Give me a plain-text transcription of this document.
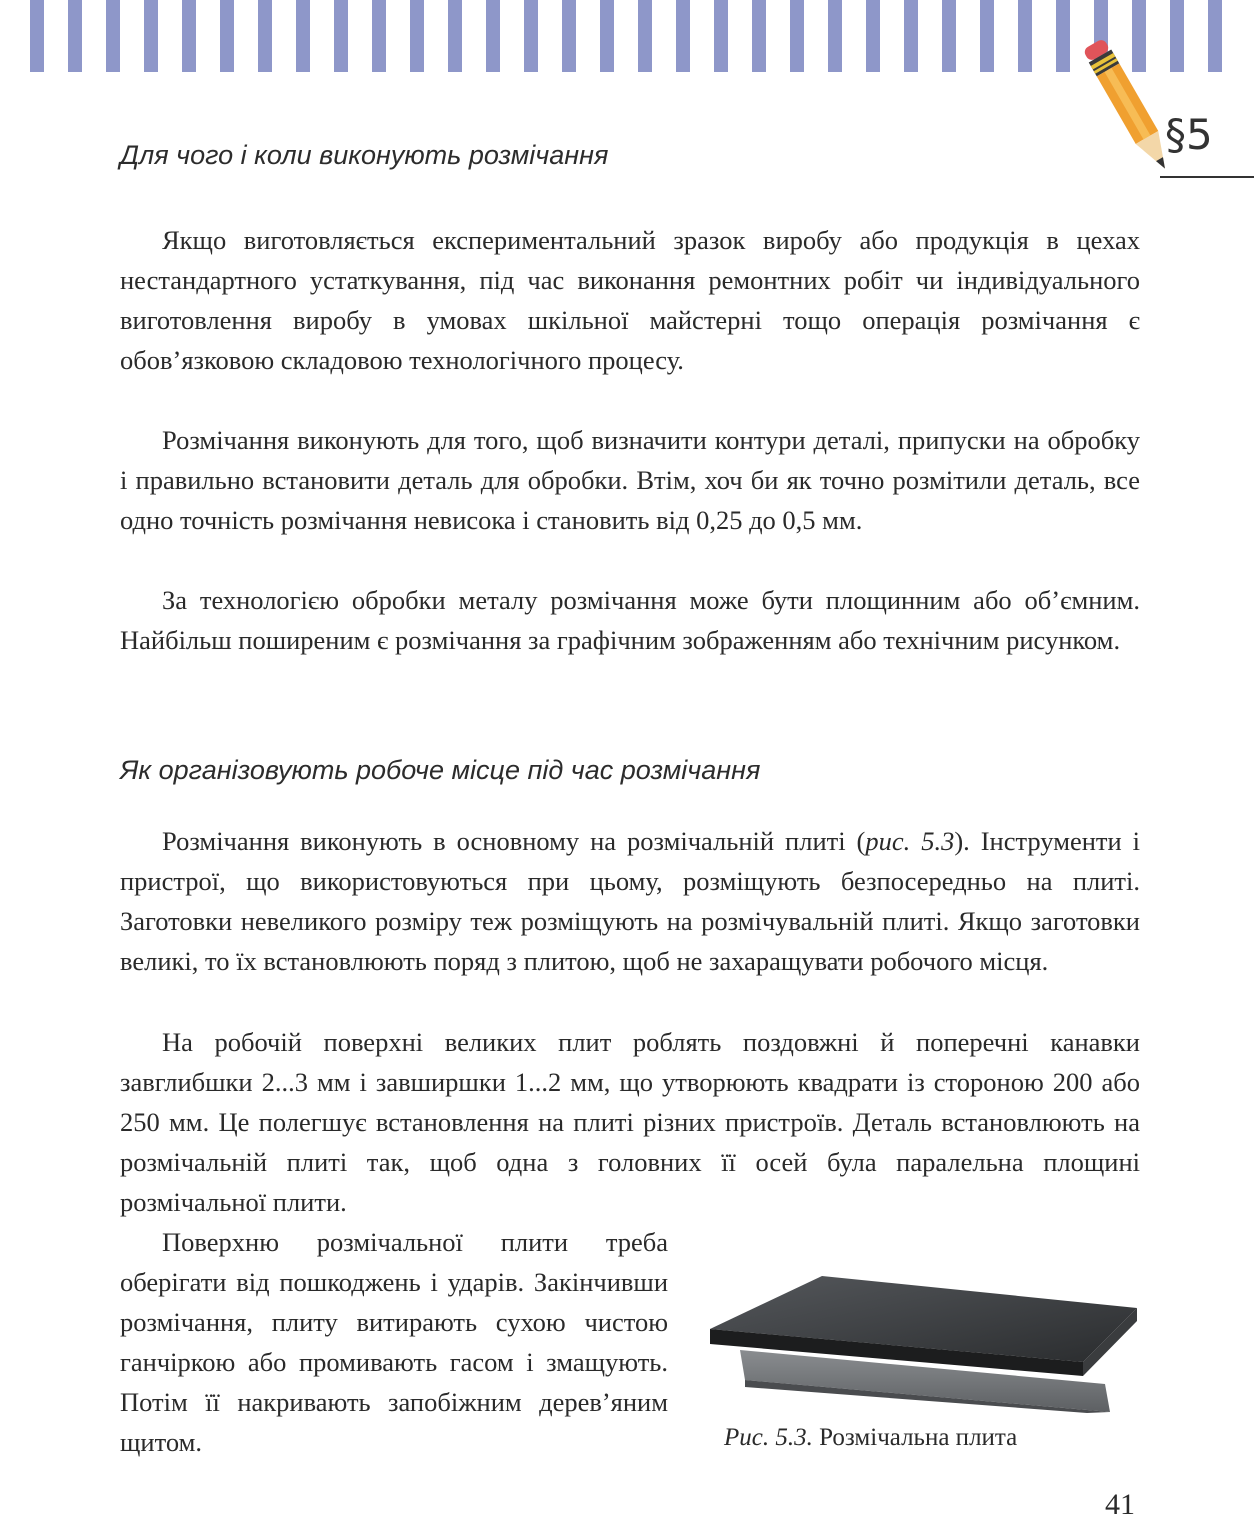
§5
Для чого і коли виконують розмічання

Якщо виготовляється експериментальний зразок виробу або продукція в цехах нестандартного устаткування, під час виконання ремонтних робіт чи індивідуального виготовлення виробу в умовах шкільної майстерні тощо операція розмічання є обов’язковою складовою технологічного процесу.

Розмічання виконують для того, щоб визначити контури деталі, припуски на обробку і правильно встановити деталь для обробки. Втім, хоч би як точно розмітили деталь, все одно точність розмічання невисока і становить від 0,25 до 0,5 мм.

За технологією обробки металу розмічання може бути площинним або об’ємним. Найбільш поширеним є розмічання за графічним зображенням або технічним рисунком.

Як організовують робоче місце під час розмічання

Розмічання виконують в основному на розмічальній плиті (рис. 5.3). Інструменти і пристрої, що використовуються при цьому, розміщують безпосередньо на плиті. Заготовки невеликого розміру теж розміщують на розмічувальній плиті. Якщо заготовки великі, то їх встановлюють поряд з плитою, щоб не захаращувати робочого місця.

На робочій поверхні великих плит роблять поздовжні й поперечні канавки завглибшки 2...3 мм і завширшки 1...2 мм, що утворюють квадрати із стороною 200 або 250 мм. Це полегшує встановлення на плиті різних пристроїв. Деталь встановлюють на розмічальній плиті так, щоб одна з головних її осей була паралельна площині розмічальної плити.

Поверхню розмічальної плити треба оберігати від пошкоджень і ударів. Закінчивши розмічання, плиту витирають сухою чистою ганчіркою або промивають гасом і змащують. Потім її накривають запобіжним дерев’яним щитом.	Рис. 5.3. Розмічальна плита

41
